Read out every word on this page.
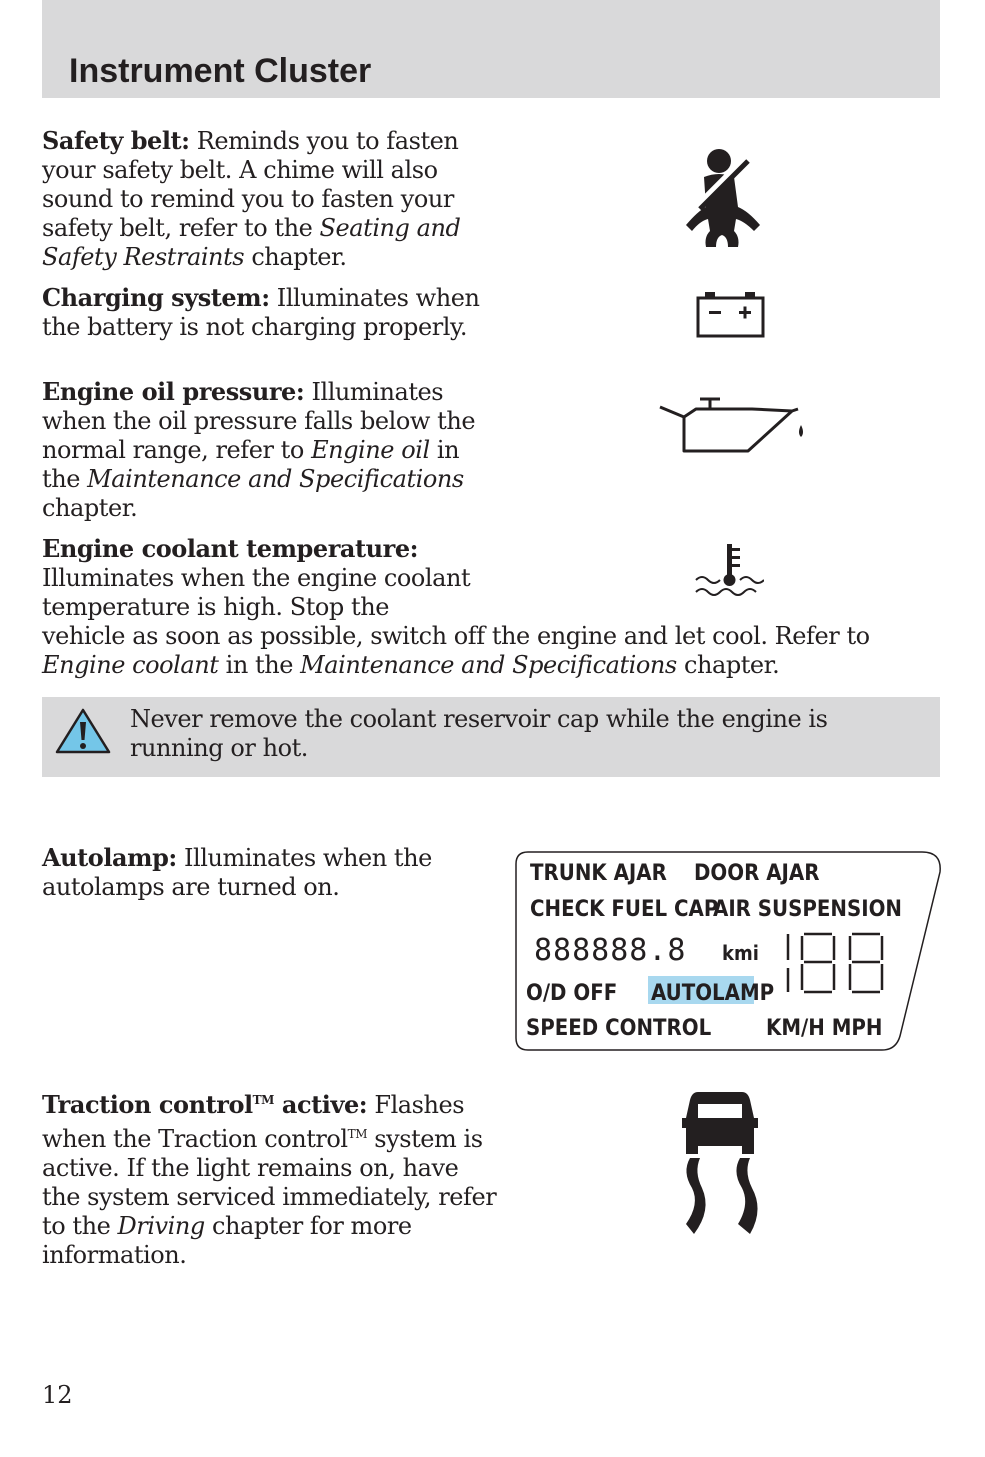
Instrument Cluster
Safety belt: Reminds you to fasten your safety belt. A chime will also sound to remind you to fasten your safety belt, refer to the Seating and Safety Restraints chapter.
Charging system: Illuminates when the battery is not charging properly.
Engine oil pressure: Illuminates when the oil pressure falls below the normal range, refer to Engine oil in the Maintenance and Specifications chapter.
Engine coolant temperature:
Illuminates when the engine coolant temperature is high. Stop the
vehicle as soon as possible, switch off the engine and let cool. Refer to
Engine coolant in the Maintenance and Specifications chapter.
Never remove the coolant reservoir cap while the engine is running or hot.
Autolamp: Illuminates when the autolamps are turned on.	TRUNK AJAR DOOR AJAR
CHECK FUEL CAP
AIR SUSPENSION
888888.8 kmi
O/D OFF AUTOLAMP
SPEED CONTROL KM/H MPH
Traction control™ active: Flashes when the Traction control™ system is active. If the light remains on, have the system serviced immediately, refer to the Driving chapter for more information.
12
